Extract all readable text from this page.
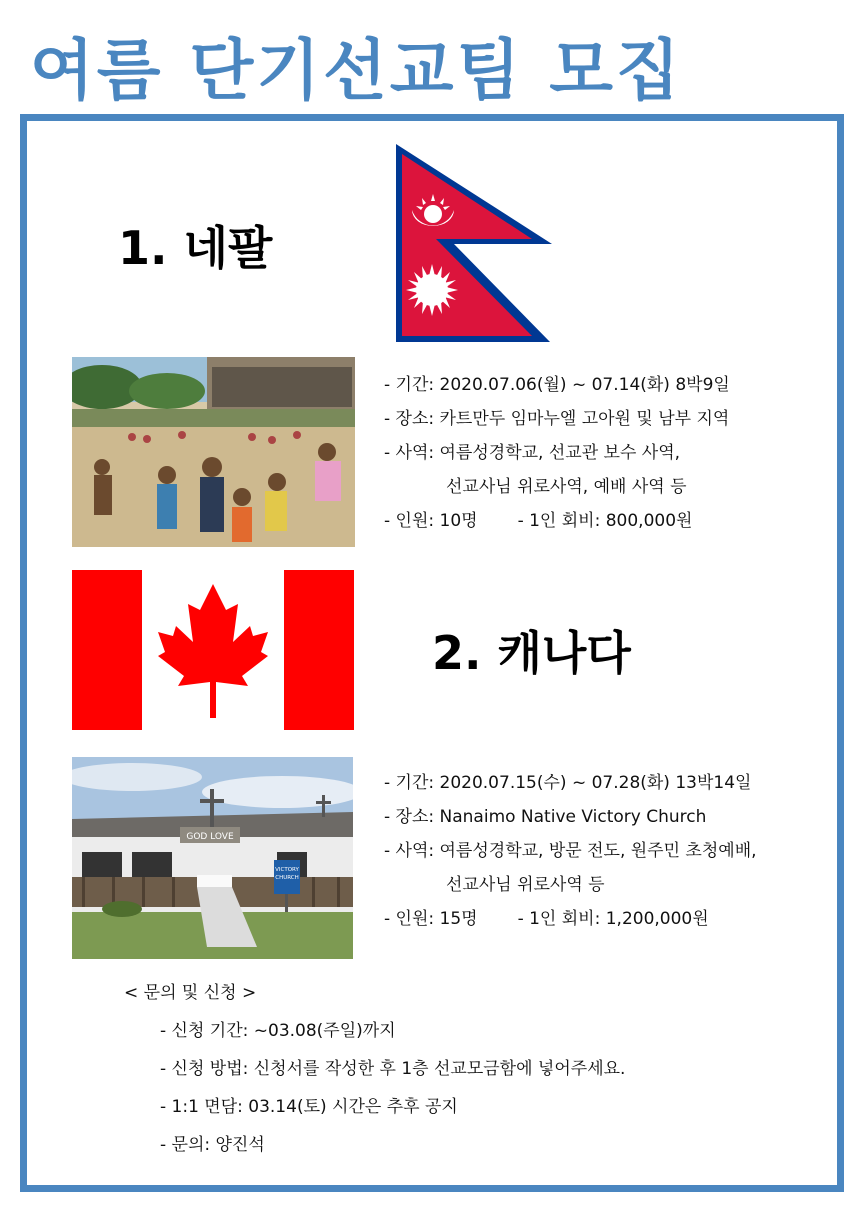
여름 단기선교팀 모집
1. 네팔
- 기간: 2020.07.06(월) ~ 07.14(화) 8박9일
- 장소: 카트만두 임마누엘 고아원 및 남부 지역
- 사역: 여름성경학교, 선교관 보수 사역,
선교사님 위로사역, 예배 사역 등
- 인원: 10명 - 1인 회비: 800,000원
2. 캐나다
GOD LOVE
VICTORY
CHURCH
- 기간: 2020.07.15(수) ~ 07.28(화) 13박14일
- 장소: Nanaimo Native Victory Church
- 사역: 여름성경학교, 방문 전도, 원주민 초청예배,
선교사님 위로사역 등
- 인원: 15명 - 1인 회비: 1,200,000원
< 문의 및 신청 >
- 신청 기간: ~03.08(주일)까지
- 신청 방법: 신청서를 작성한 후 1층 선교모금함에 넣어주세요.
- 1:1 면담: 03.14(토) 시간은 추후 공지
- 문의: 양진석
